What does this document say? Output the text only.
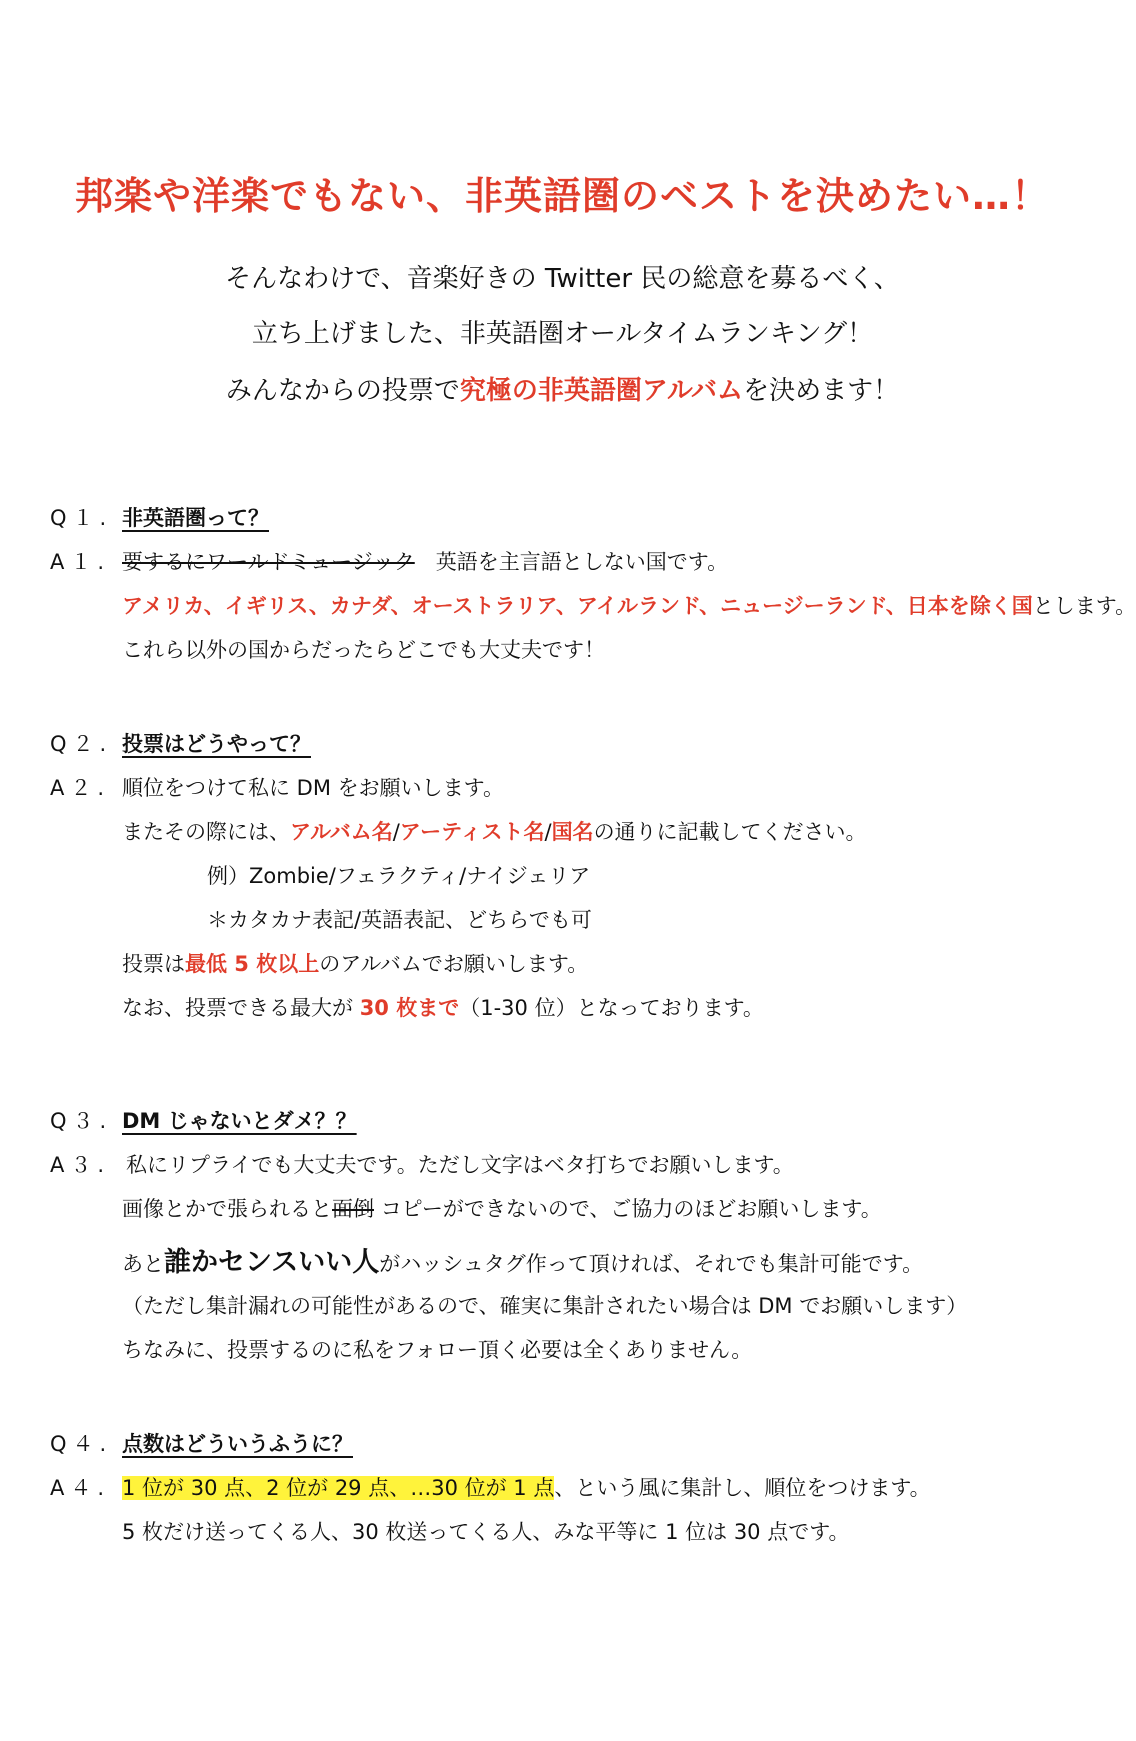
邦楽や洋楽でもない、非英語圏のベストを決めたい…！
そんなわけで、音楽好きの Twitter 民の総意を募るべく、
立ち上げました、非英語圏オールタイムランキング！
みんなからの投票で究極の非英語圏アルバムを決めます！
Q１. 非英語圏って？
A１. 要するにワールドミュージック　 英語を主言語としない国です。
アメリカ、イギリス、カナダ、オーストラリア、アイルランド、ニュージーランド、日本を除く国とします。
これら以外の国からだったらどこでも大丈夫です！
Q２. 投票はどうやって？
A２. 順位をつけて私に DM をお願いします。
またその際には、アルバム名/アーティスト名/国名の通りに記載してください。
例）Zombie/フェラクティ/ナイジェリア
＊カタカナ表記/英語表記、どちらでも可
投票は最低 5 枚以上のアルバムでお願いします。
なお、投票できる最大が 30 枚まで（1-30 位）となっております。
Q３. DM じゃないとダメ？？
A３. 私にリプライでも大丈夫です。ただし文字はベタ打ちでお願いします。
画像とかで張られると面倒 コピーができないので、ご協力のほどお願いします。
あと誰かセンスいい人がハッシュタグ作って頂ければ、それでも集計可能です。
（ただし集計漏れの可能性があるので、確実に集計されたい場合は DM でお願いします）
ちなみに、投票するのに私をフォロー頂く必要は全くありません。
Q４. 点数はどういうふうに？
A４. 1 位が 30 点、2 位が 29 点、…30 位が 1 点、という風に集計し、順位をつけます。
5 枚だけ送ってくる人、30 枚送ってくる人、みな平等に 1 位は 30 点です。
